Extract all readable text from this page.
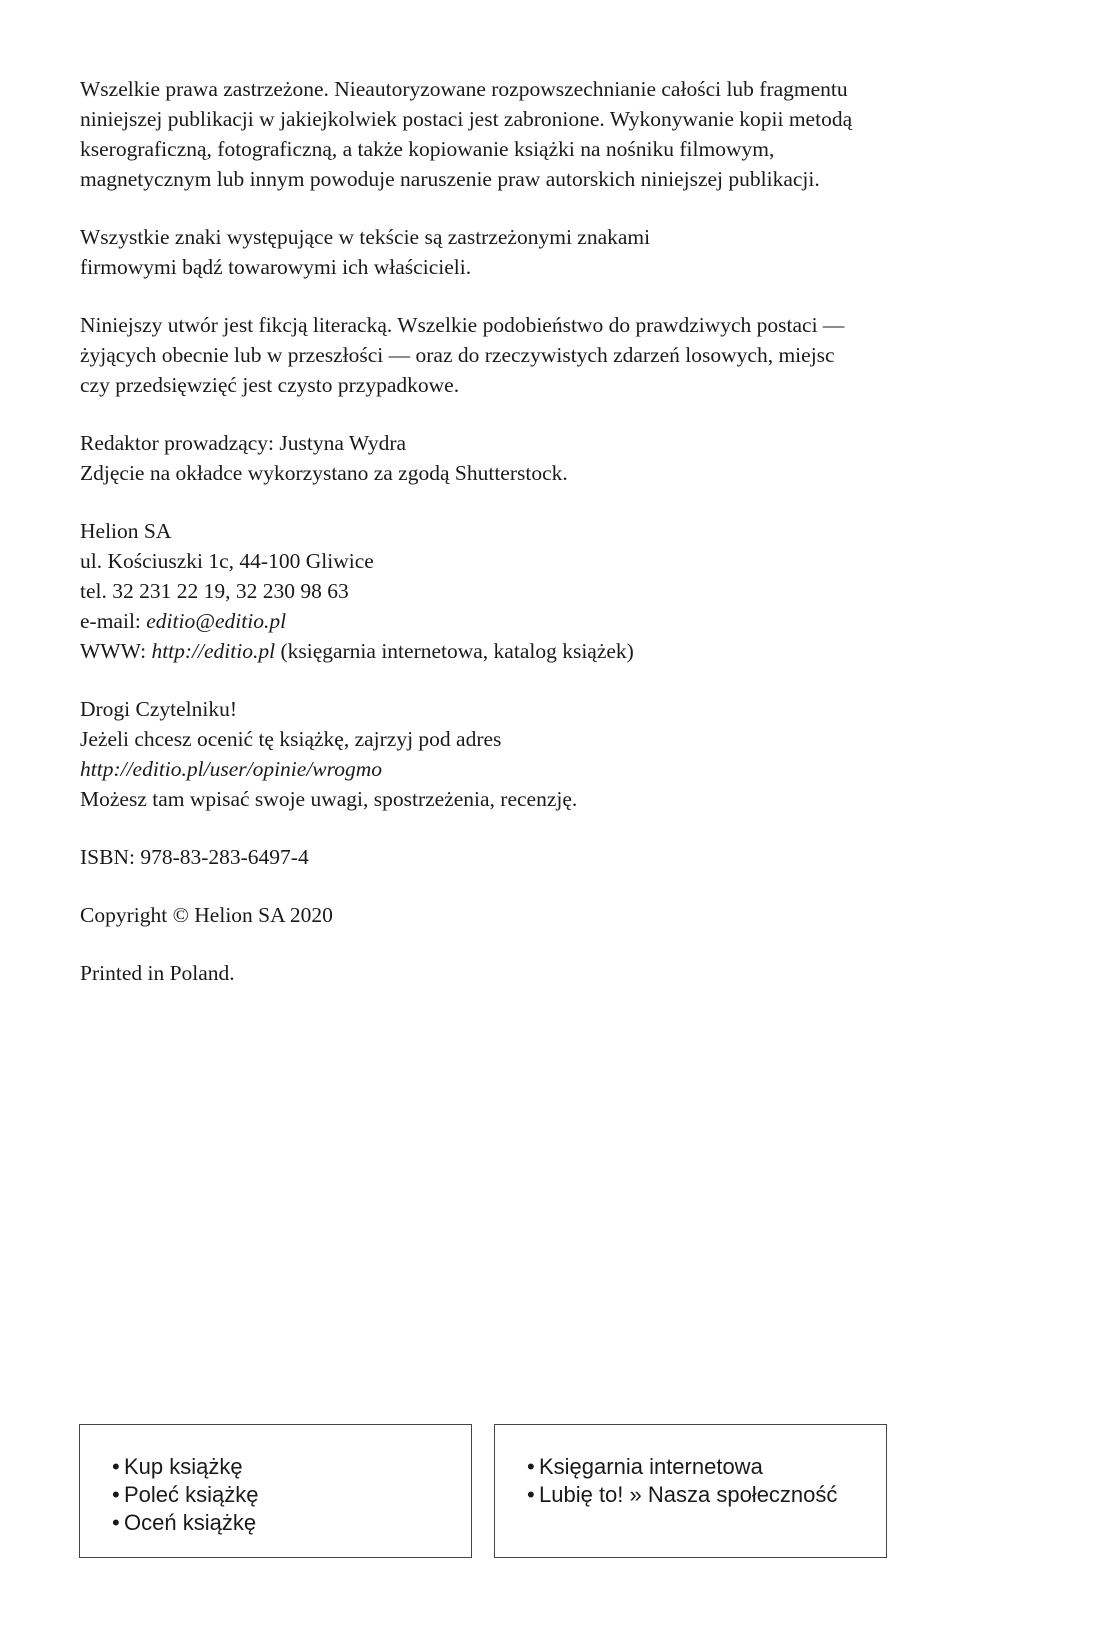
Wszelkie prawa zastrzeżone. Nieautoryzowane rozpowszechnianie całości lub fragmentu
niniejszej publikacji w jakiejkolwiek postaci jest zabronione. Wykonywanie kopii metodą
kserograficzną, fotograficzną, a także kopiowanie książki na nośniku filmowym,
magnetycznym lub innym powoduje naruszenie praw autorskich niniejszej publikacji.
Wszystkie znaki występujące w tekście są zastrzeżonymi znakami
firmowymi bądź towarowymi ich właścicieli.
Niniejszy utwór jest fikcją literacką. Wszelkie podobieństwo do prawdziwych postaci —
żyjących obecnie lub w przeszłości — oraz do rzeczywistych zdarzeń losowych, miejsc
czy przedsięwzięć jest czysto przypadkowe.
Redaktor prowadzący: Justyna Wydra
Zdjęcie na okładce wykorzystano za zgodą Shutterstock.
Helion SA
ul. Kościuszki 1c, 44-100 Gliwice
tel. 32 231 22 19, 32 230 98 63
e-mail: editio@editio.pl
WWW: http://editio.pl (księgarnia internetowa, katalog książek)
Drogi Czytelniku!
Jeżeli chcesz ocenić tę książkę, zajrzyj pod adres
http://editio.pl/user/opinie/wrogmo
Możesz tam wpisać swoje uwagi, spostrzeżenia, recenzję.
ISBN: 978-83-283-6497-4
Copyright © Helion SA 2020
Printed in Poland.
• Kup książkę
• Poleć książkę
• Oceń książkę
• Księgarnia internetowa
• Lubię to! » Nasza społeczność
